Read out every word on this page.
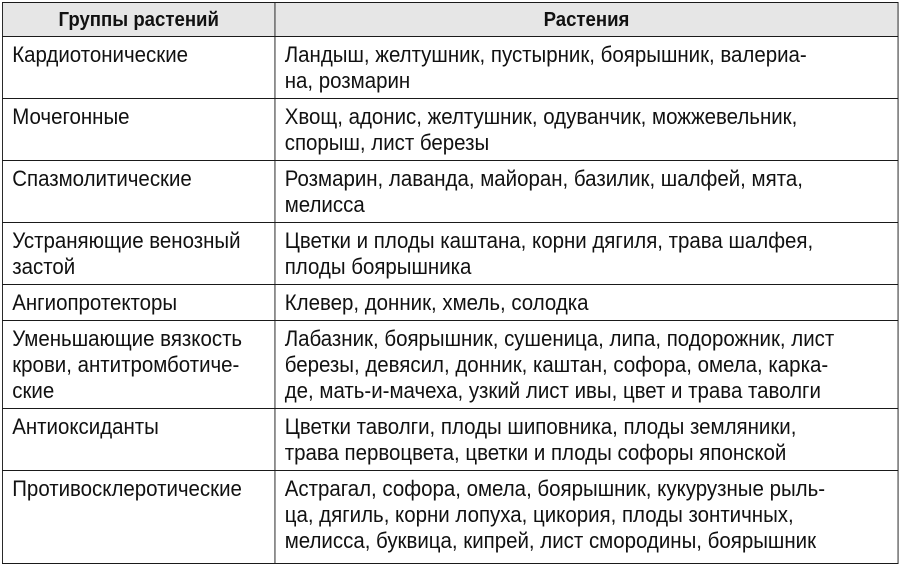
Группы растений	Растения

Кардиотонические	Ландыш, желтушник, пустырник, боярышник, валериа-
на, розмарин

Мочегонные	Хвощ, адонис, желтушник, одуванчик, можжевельник,
спорыш, лист березы

Спазмолитические	Розмарин, лаванда, майоран, базилик, шалфей, мята,
мелисса

Устраняющие венозный
застой	Цветки и плоды каштана, корни дягиля, трава шалфея,
плоды боярышника

Ангиопротекторы	Клевер, донник, хмель, солодка

Уменьшающие вязкость
крови, антитромботиче-
ские	Лабазник, боярышник, сушеница, липа, подорожник, лист
березы, девясил, донник, каштан, софора, омела, карка-
де, мать-и-мачеха, узкий лист ивы, цвет и трава таволги

Антиоксиданты	Цветки таволги, плоды шиповника, плоды земляники,
трава первоцвета, цветки и плоды софоры японской

Противосклеротические	Астрагал, софора, омела, боярышник, кукурузные рыль-
ца, дягиль, корни лопуха, цикория, плоды зонтичных,
мелисса, буквица, кипрей, лист смородины, боярышник
